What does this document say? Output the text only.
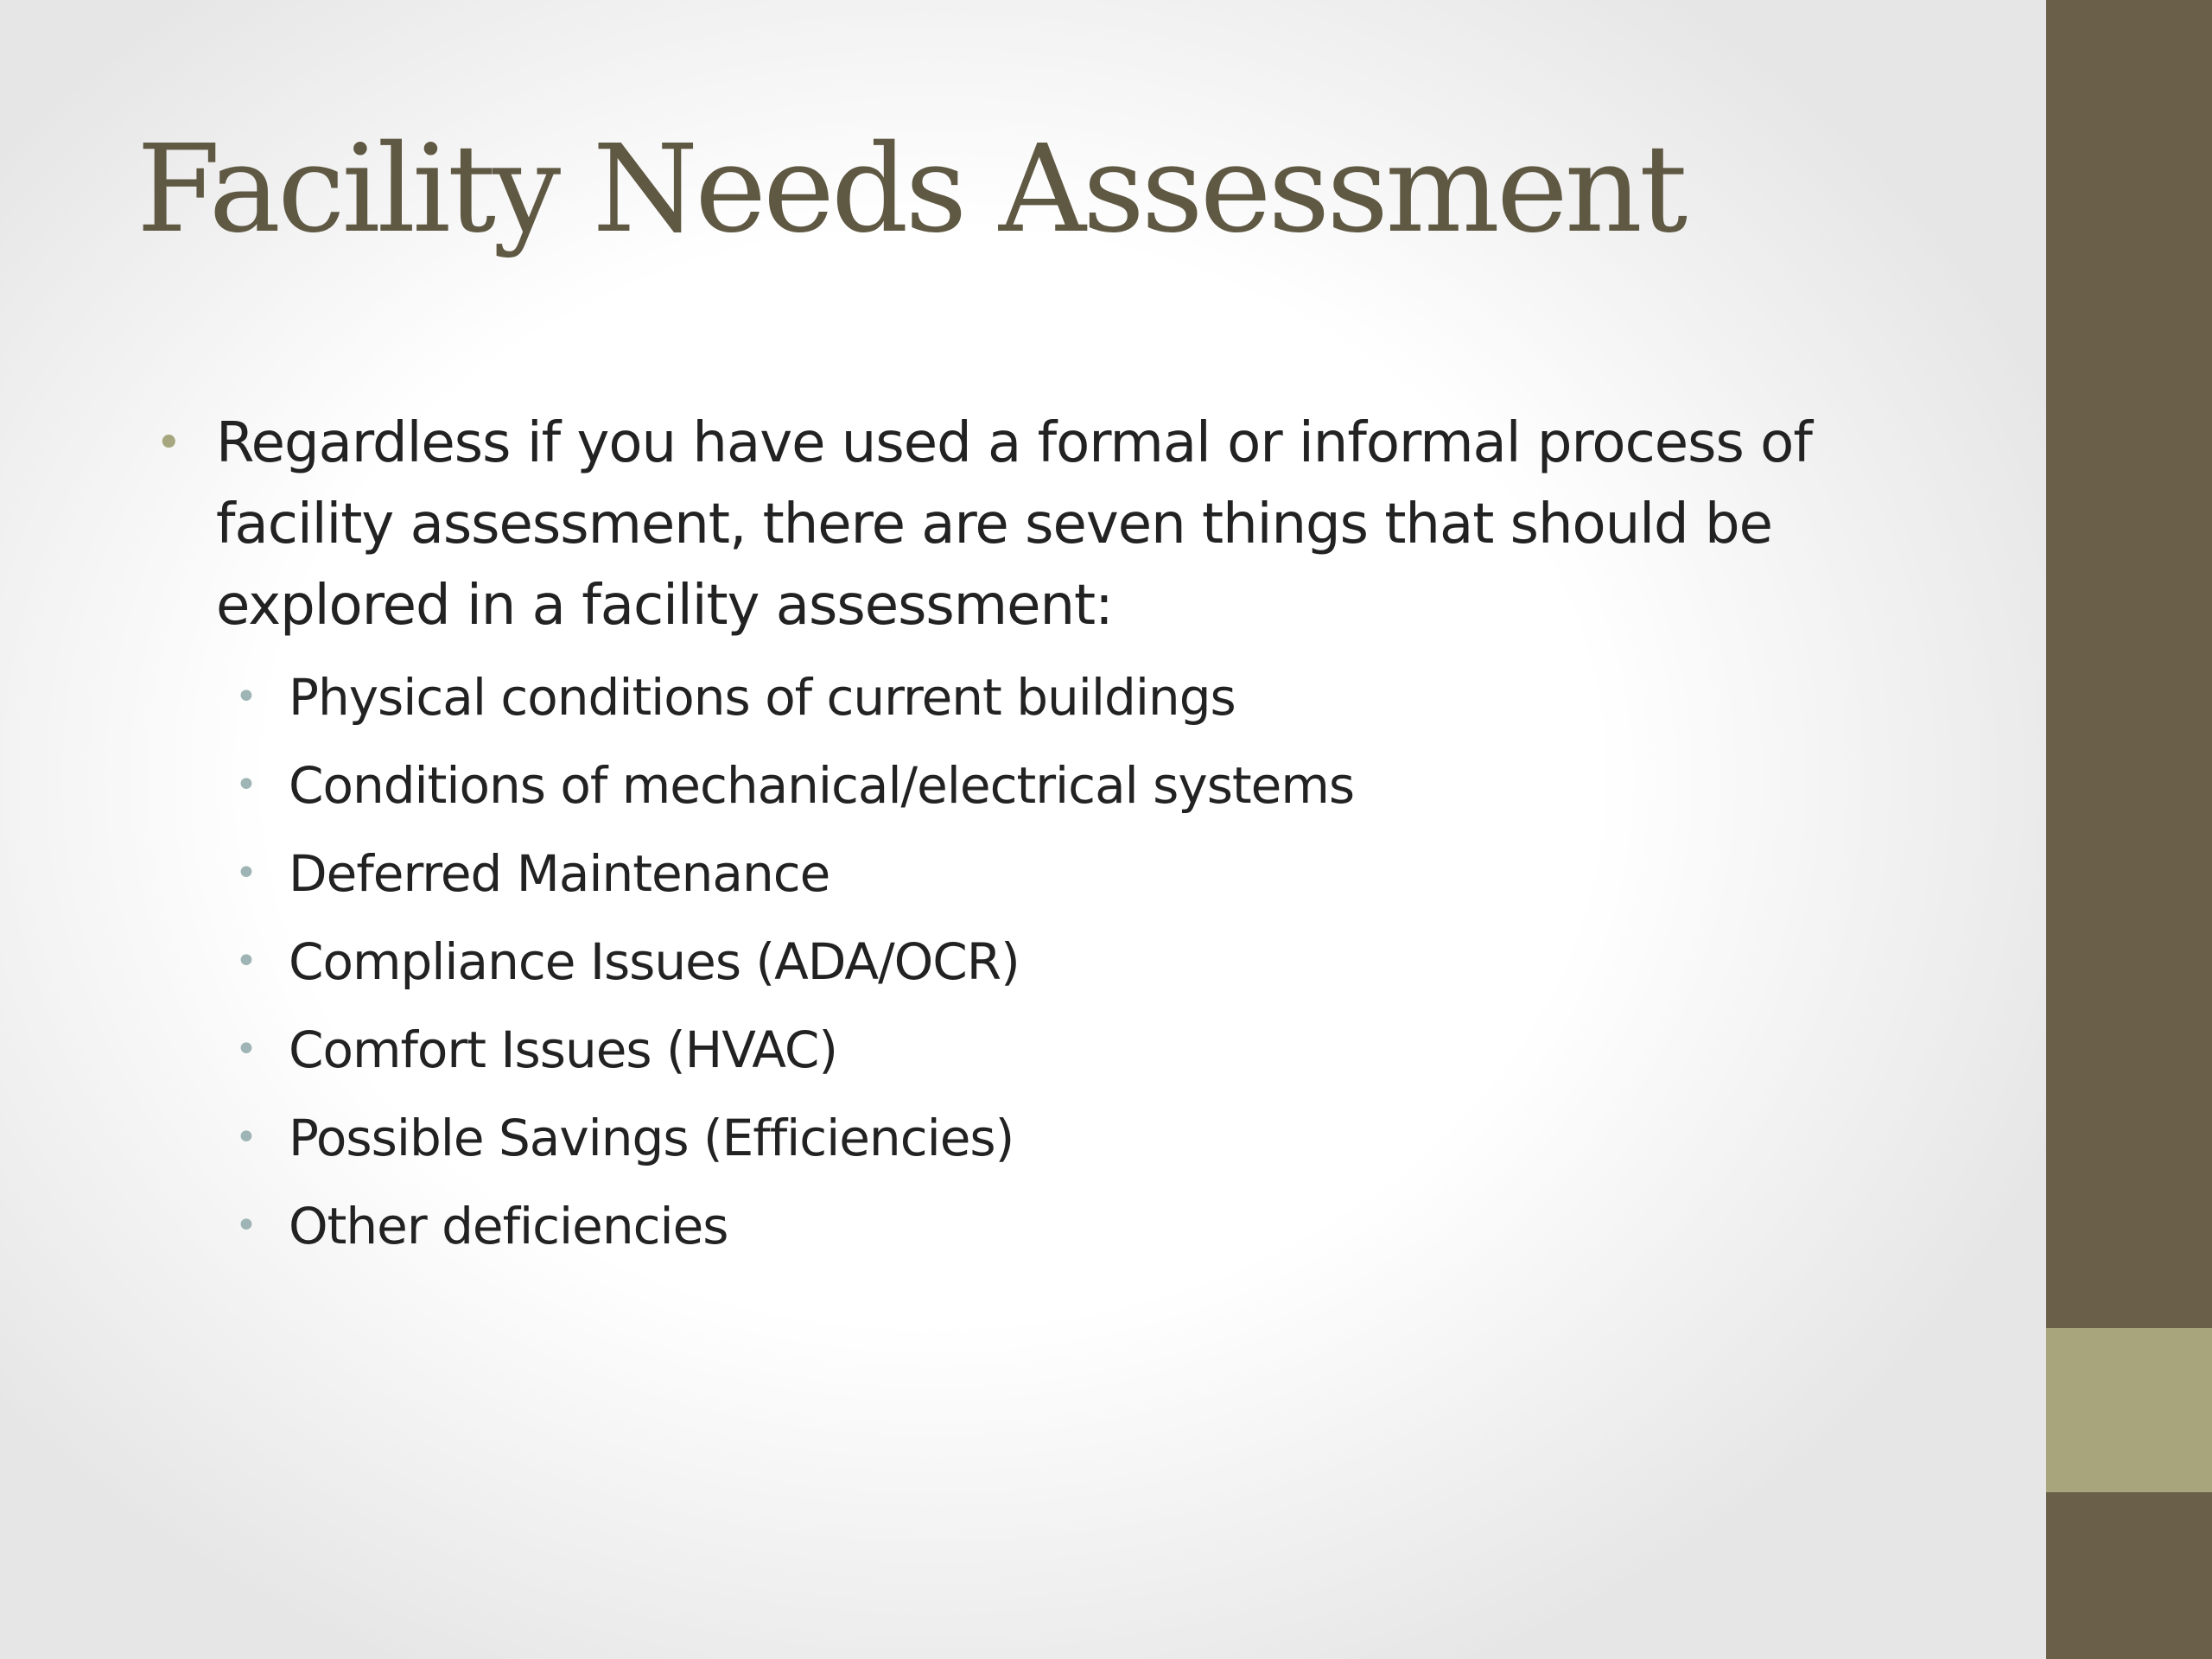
Facility Needs Assessment
• Regardless if you have used a formal or informal process of facility assessment, there are seven things that should be explored in a facility assessment:
• Physical conditions of current buildings
• Conditions of mechanical/electrical systems
• Deferred Maintenance
• Compliance Issues (ADA/OCR)
• Comfort Issues (HVAC)
• Possible Savings (Efficiencies)
• Other deficiencies
